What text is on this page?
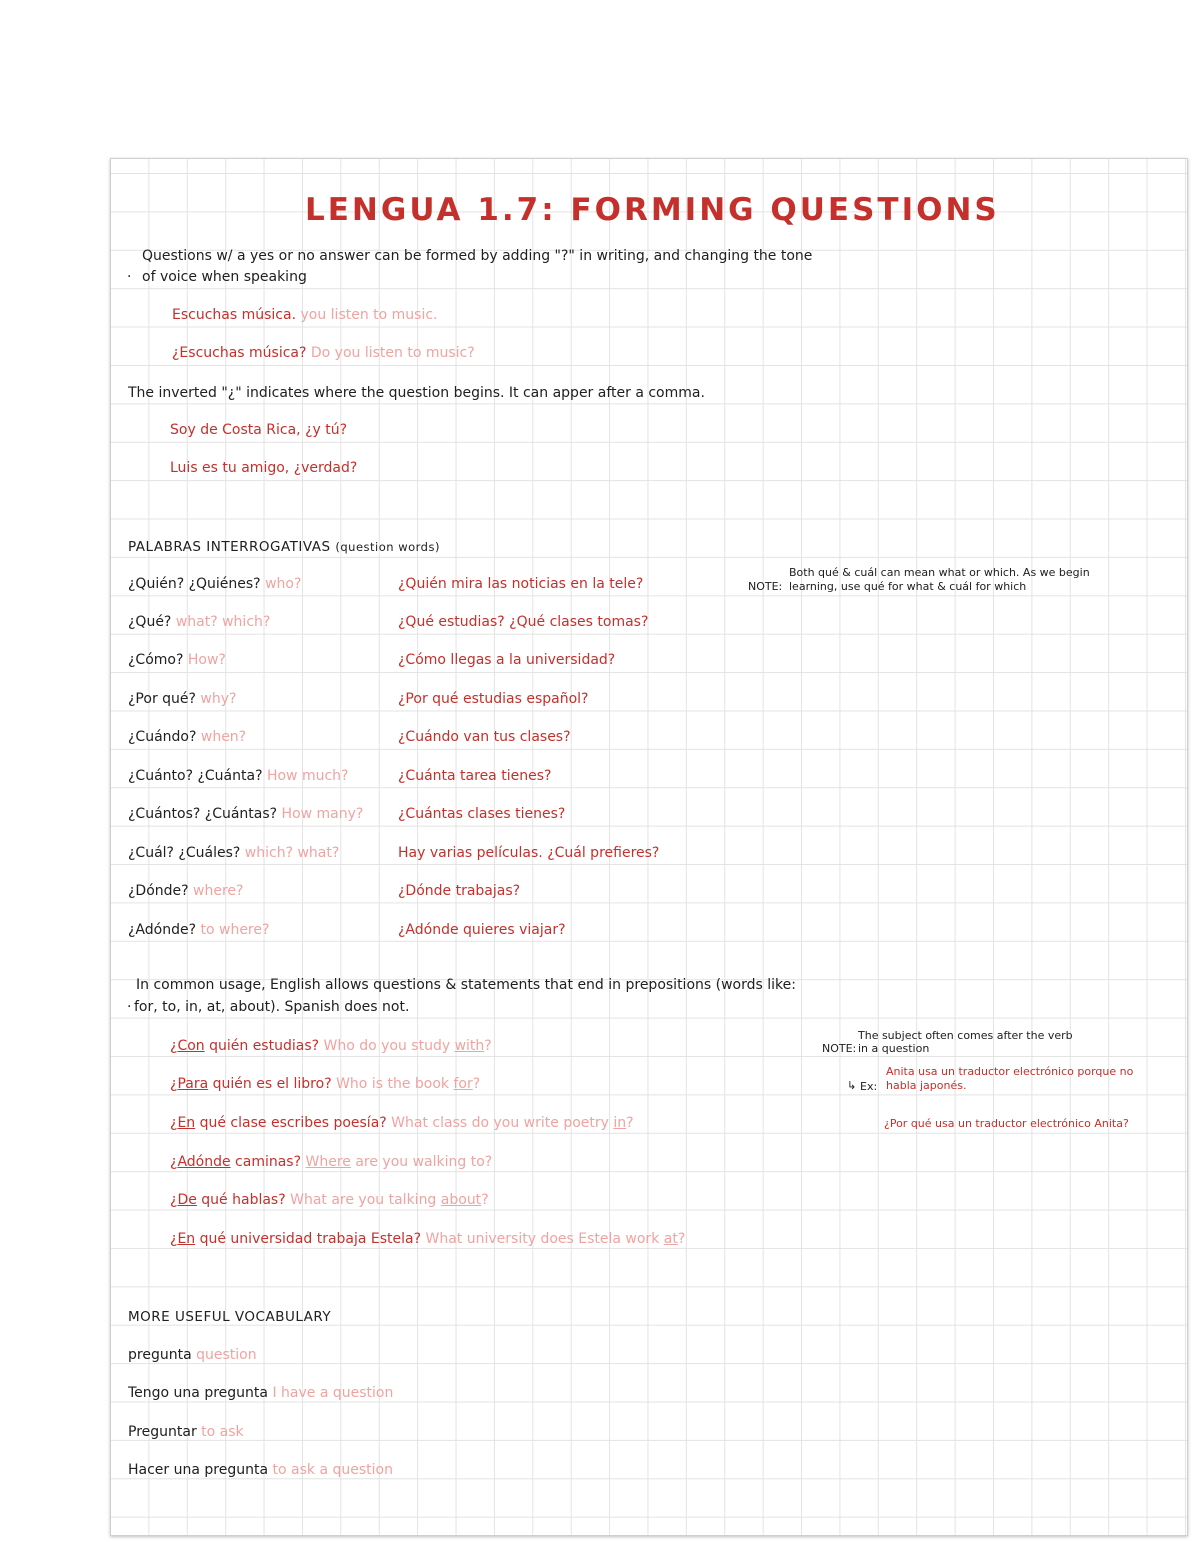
LENGUA 1.7: FORMING QUESTIONS
Questions w/ a yes or no answer can be formed by adding "?" in writing, and changing the tone
· of voice when speaking
Escuchas música. you listen to music.
¿Escuchas música? Do you listen to music?
The inverted "¿" indicates where the question begins. It can apper after a comma.
Soy de Costa Rica, ¿y tú?
Luis es tu amigo, ¿verdad?
PALABRAS INTERROGATIVAS (question words)
NOTE:
Both qué & cuál can mean what or which. As we begin
learning, use qué for what & cuál for which
¿Quién? ¿Quiénes? who?	¿Quién mira las noticias en la tele?
¿Qué? what? which?	¿Qué estudias? ¿Qué clases tomas?
¿Cómo? How?	¿Cómo llegas a la universidad?
¿Por qué? why?	¿Por qué estudias español?
¿Cuándo? when?	¿Cuándo van tus clases?
¿Cuánto? ¿Cuánta? How much?	¿Cuánta tarea tienes?
¿Cuántos? ¿Cuántas? How many? ¿Cuántas clases tienes?
¿Cuál? ¿Cuáles? which? what?	Hay varias películas. ¿Cuál prefieres?
¿Dónde? where?	¿Dónde trabajas?
¿Adónde? to where?	¿Adónde quieres viajar?
In common usage, English allows questions & statements that end in prepositions (words like:
· for, to, in, at, about). Spanish does not.
¿Con quién estudias? Who do you study with?
¿Para quién es el libro? Who is the book for?
¿En qué clase escribes poesía? What class do you write poetry in?
¿Adónde caminas? Where are you walking to?
¿De qué hablas? What are you talking about?
¿En qué universidad trabaja Estela? What university does Estela work at?
The subject often comes after the verb
NOTE: in a question
Anita usa un traductor electrónico porque no
↳ Ex: habla japonés.
¿Por qué usa un traductor electrónico Anita?
MORE USEFUL VOCABULARY
pregunta question
Tengo una pregunta I have a question
Preguntar to ask
Hacer una pregunta to ask a question
